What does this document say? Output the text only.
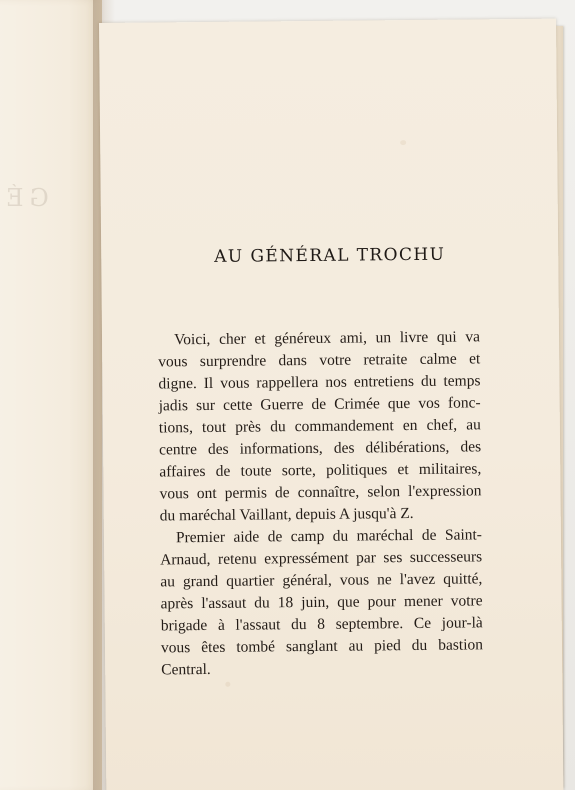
GÉ
AU GÉNÉRAL TROCHU
Voici, cher et généreux ami, un livre qui va
vous surprendre dans votre retraite calme et
digne. Il vous rappellera nos entretiens du temps
jadis sur cette Guerre de Crimée que vos fonc-
tions, tout près du commandement en chef, au
centre des informations, des délibérations, des
affaires de toute sorte, politiques et militaires,
vous ont permis de connaître, selon l'expression
du maréchal Vaillant, depuis A jusqu'à Z.
Premier aide de camp du maréchal de Saint-
Arnaud, retenu expressément par ses successeurs
au grand quartier général, vous ne l'avez quitté,
après l'assaut du 18 juin, que pour mener votre
brigade à l'assaut du 8 septembre. Ce jour-là
vous êtes tombé sanglant au pied du bastion
Central.
